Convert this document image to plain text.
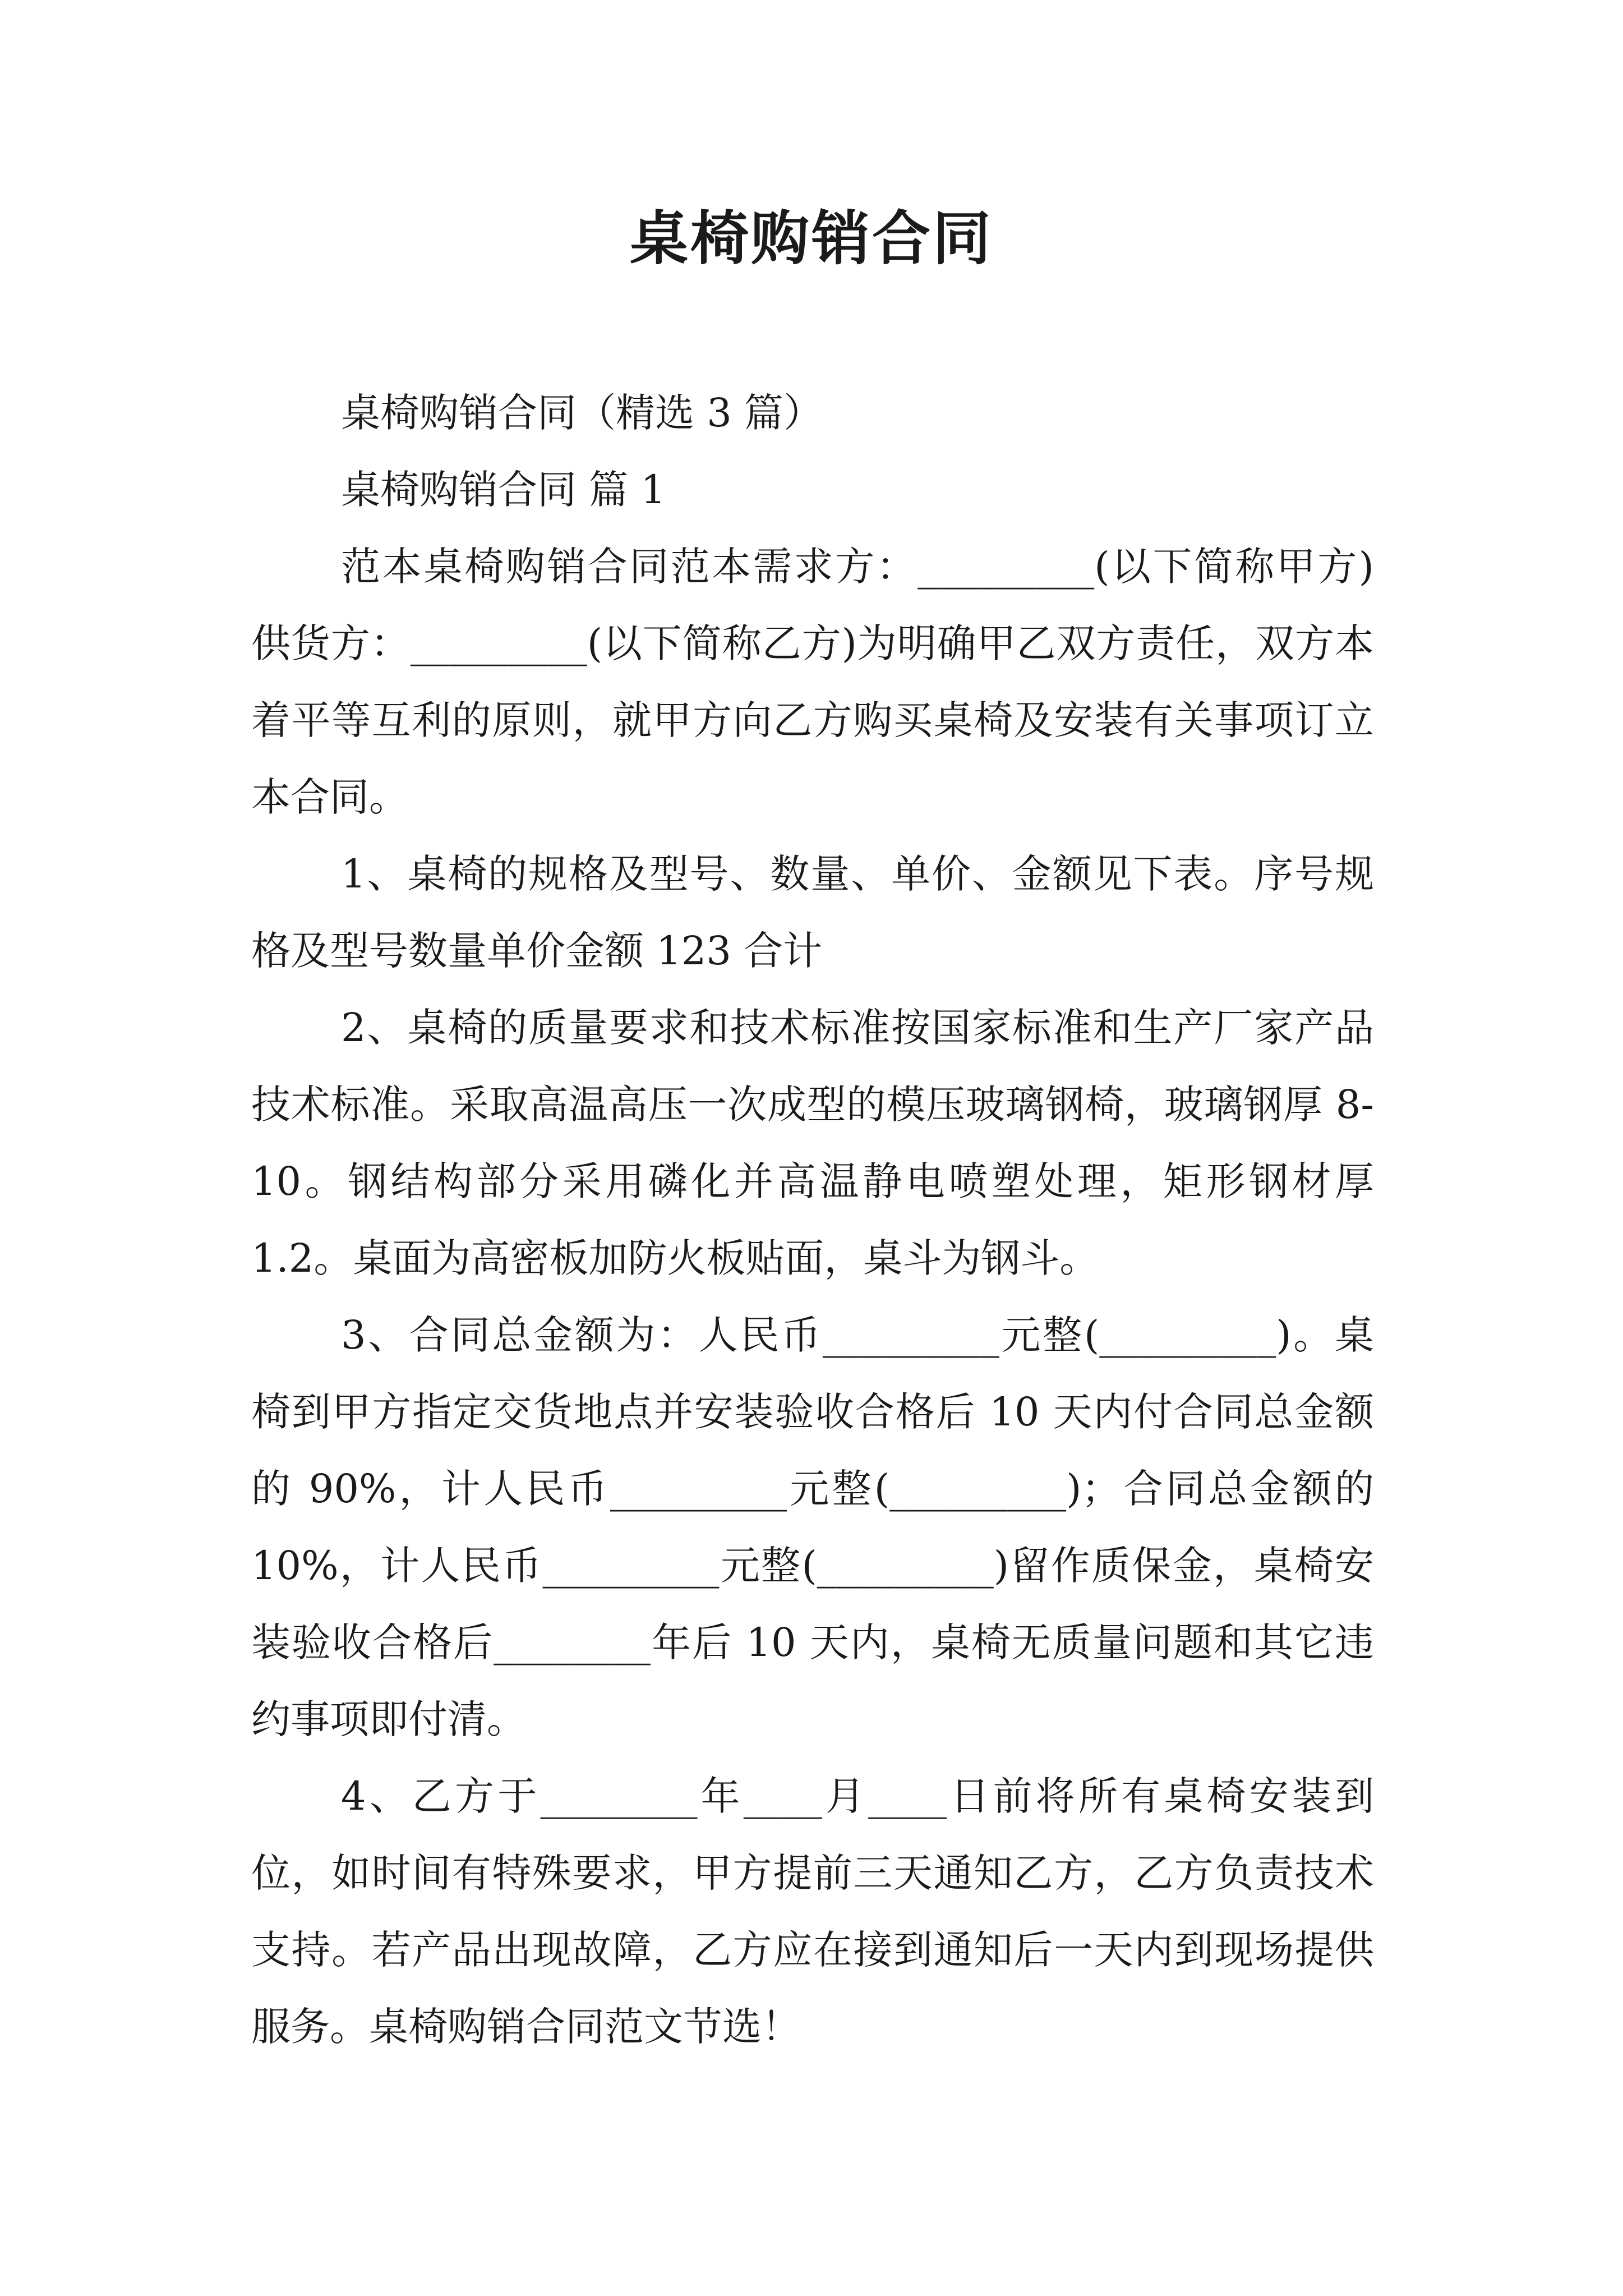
桌椅购销合同

桌椅购销合同（精选 3 篇）

桌椅购销合同 篇 1

范本桌椅购销合同范本需求方：_________(以下简称甲方) 供货方：_________(以下简称乙方)为明确甲乙双方责任，双方本着平等互利的原则，就甲方向乙方购买桌椅及安装有关事项订立本合同。

1、桌椅的规格及型号、数量、单价、金额见下表。序号规格及型号数量单价金额 123 合计

2、桌椅的质量要求和技术标准按国家标准和生产厂家产品技术标准。采取高温高压一次成型的模压玻璃钢椅，玻璃钢厚 8-10。钢结构部分采用磷化并高温静电喷塑处理，矩形钢材厚 1.2。桌面为高密板加防火板贴面，桌斗为钢斗。

3、合同总金额为：人民币_________元整(_________)。桌椅到甲方指定交货地点并安装验收合格后 10 天内付合同总金额的 90%，计人民币_________元整(_________)；合同总金额的 10%，计人民币_________元整(_________)留作质保金，桌椅安装验收合格后________年后 10 天内，桌椅无质量问题和其它违约事项即付清。

4、乙方于________年____月____日前将所有桌椅安装到位，如时间有特殊要求，甲方提前三天通知乙方，乙方负责技术支持。若产品出现故障，乙方应在接到通知后一天内到现场提供服务。桌椅购销合同范文节选！
